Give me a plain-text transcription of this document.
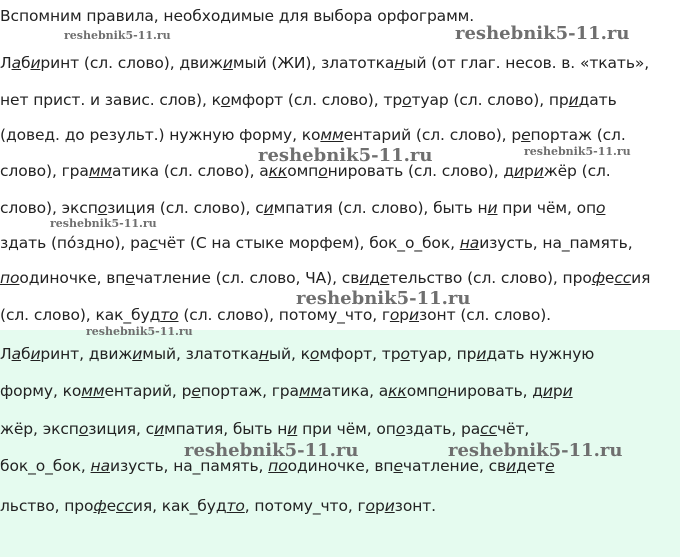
Вспомним правила, необходимые для выбора орфограмм.
Лабиринт (сл. слово), движимый (ЖИ), златотканый (от глаг. несов. в. «ткать»,
нет прист. и завис. слов), комфорт (сл. слово), тротуар (сл. слово), придать
(довед. до результ.) нужную форму, комментарий (сл. слово), репортаж (сл.
слово), грамматика (сл. слово), аккомпонировать (сл. слово), дирижёр (сл.
слово), экспозиция (сл. слово), симпатия (сл. слово), быть ни при чём, опо
здать (по́здно), расчёт (С на стыке морфем), бок_о_бок, наизусть, на_память,
поодиночке, впечатление (сл. слово, ЧА), свидетельство (сл. слово), профессия
(сл. слово), как_будто (сл. слово), потому_что, горизонт (сл. слово).
Лабиринт, движимый, златотканый, комфорт, тротуар, придать нужную
форму, комментарий, репортаж, грамматика, аккомпонировать, дири
жёр, экспозиция, симпатия, быть ни при чём, опоздать, рассчёт,
бок_о_бок, наизусть, на_память, поодиночке, впечатление, свидете
льство, профессия, как_будто, потому_что, горизонт.
reshebnik5-11.ru	reshebnik5-11.ru
reshebnik5-11.ru	reshebnik5-11.ru
reshebnik5-11.ru
reshebnik5-11.ru
reshebnik5-11.ru
reshebnik5-11.ru	reshebnik5-11.ru
